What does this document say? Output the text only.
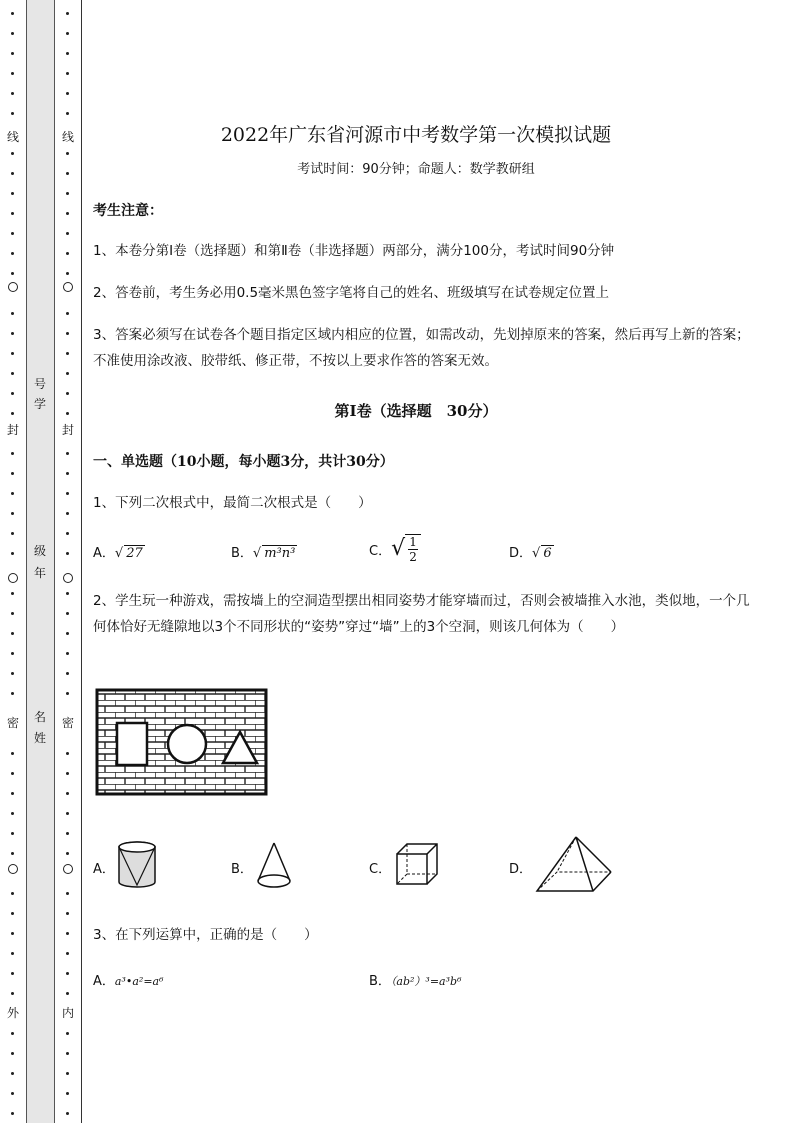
线
封
密
外
号
学
级
年
名
姓
线
封
密
内
2022年广东省河源市中考数学第一次模拟试题
考试时间：90分钟；命题人：数学教研组
考生注意：
1、本卷分第Ⅰ卷（选择题）和第Ⅱ卷（非选择题）两部分，满分100分，考试时间90分钟
2、答卷前，考生务必用0.5毫米黑色签字笔将自己的姓名、班级填写在试卷规定位置上
3、答案必须写在试卷各个题目指定区域内相应的位置，如需改动，先划掉原来的答案，然后再写上新的答案；不准使用涂改液、胶带纸、修正带，不按以上要求作答的答案无效。
第Ⅰ卷（选择题　30分）
一、单选题（10小题，每小题3分，共计30分）
1、下列二次根式中，最简二次根式是（　　）
A．√ 27	B．√ m³n³	C． √ 1
2	D．√ 6
2、学生玩一种游戏，需按墙上的空洞造型摆出相同姿势才能穿墙而过，否则会被墙推入水池，类似地，一个几何体恰好无缝隙地以3个不同形状的“姿势”穿过“墙”上的3个空洞，则该几何体为（　　）
A．	B．	C．	D．
3、在下列运算中，正确的是（　　）
A．a³•a²=a⁶	B．（ab²）³=a³b⁶
